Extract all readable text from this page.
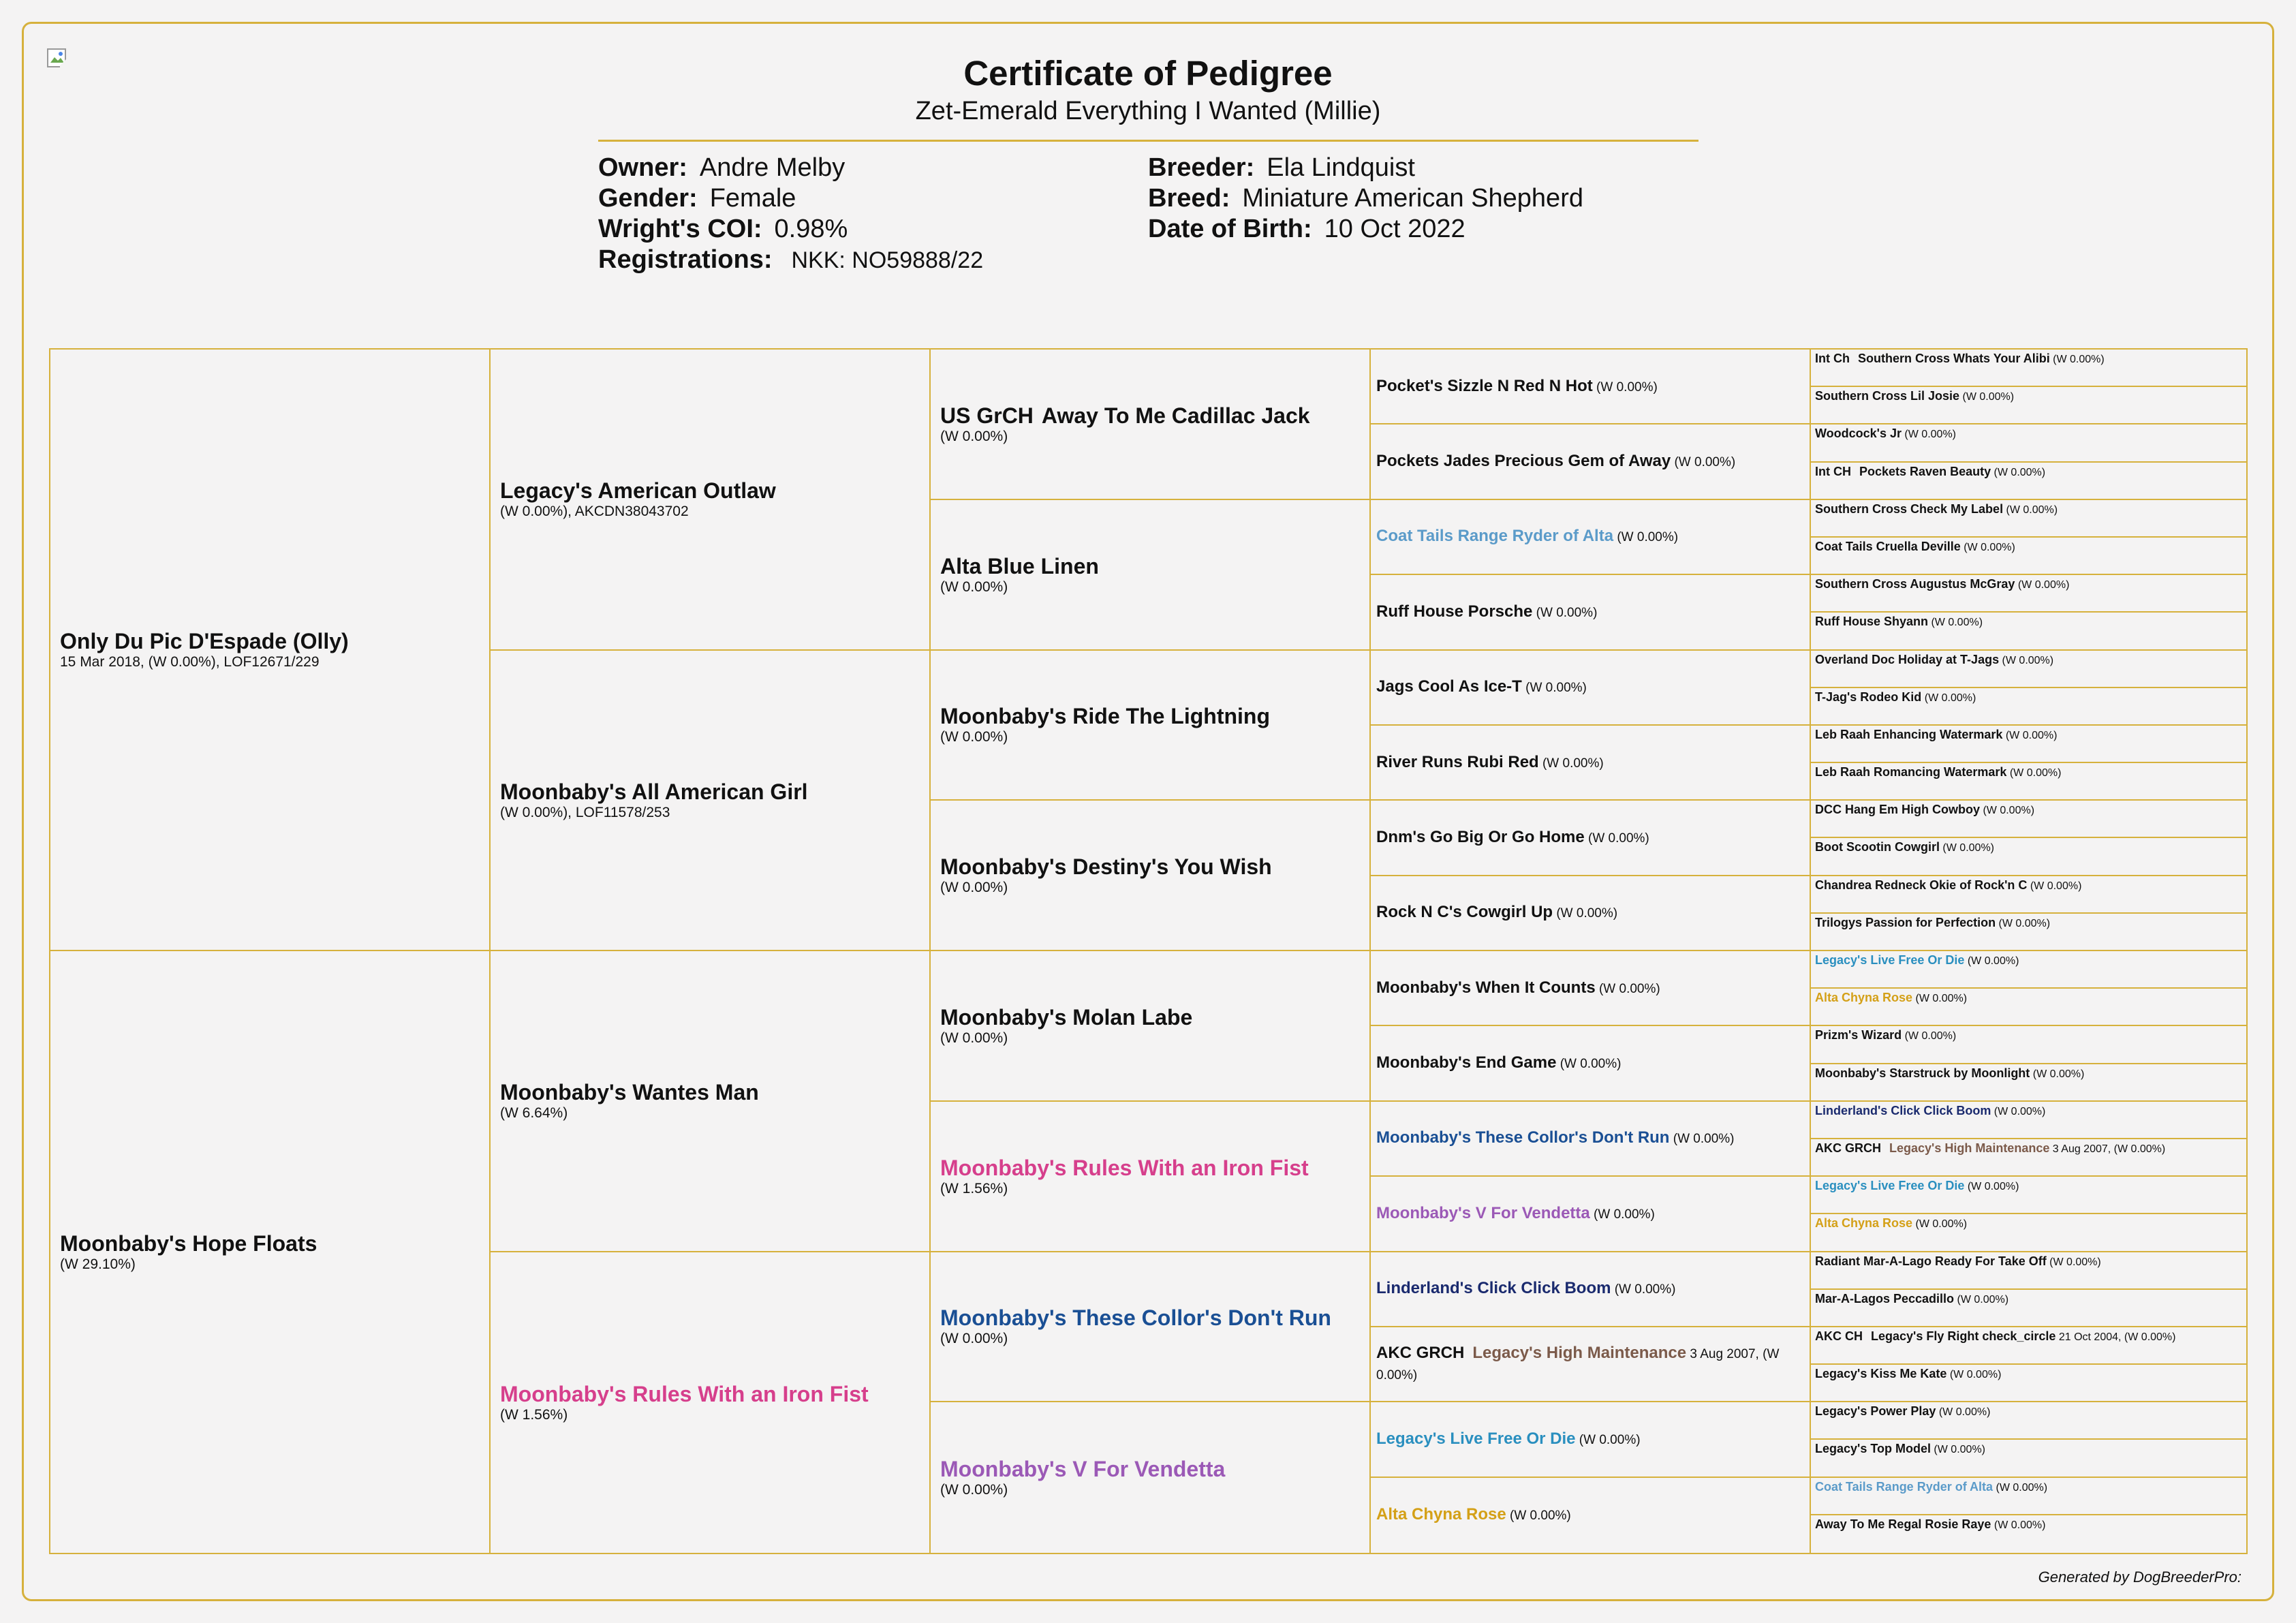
Certificate of Pedigree
Zet-Emerald Everything I Wanted (Millie)
Owner: Andre Melby
Gender: Female
Wright's COI: 0.98%
Registrations: NKK: NO59888/22
Breeder: Ela Lindquist
Breed: Miniature American Shepherd
Date of Birth: 10 Oct 2022
Only Du Pic D'Espade (Olly)
15 Mar 2018, (W 0.00%), LOF12671/229
Moonbaby's Hope Floats
(W 29.10%)
Legacy's American Outlaw
(W 0.00%), AKCDN38043702
Moonbaby's All American Girl
(W 0.00%), LOF11578/253
Moonbaby's Wantes Man
(W 6.64%)
Moonbaby's Rules With an Iron Fist
(W 1.56%)
US GrCH Away To Me Cadillac Jack
(W 0.00%)
Alta Blue Linen
(W 0.00%)
Moonbaby's Ride The Lightning
(W 0.00%)
Moonbaby's Destiny's You Wish
(W 0.00%)
Moonbaby's Molan Labe
(W 0.00%)
Moonbaby's Rules With an Iron Fist
(W 1.56%)
Moonbaby's These Collor's Don't Run
(W 0.00%)
Moonbaby's V For Vendetta
(W 0.00%)
Pocket's Sizzle N Red N Hot (W 0.00%)
Pockets Jades Precious Gem of Away (W 0.00%)
Coat Tails Range Ryder of Alta (W 0.00%)
Ruff House Porsche (W 0.00%)
Jags Cool As Ice-T (W 0.00%)
River Runs Rubi Red (W 0.00%)
Dnm's Go Big Or Go Home (W 0.00%)
Rock N C's Cowgirl Up (W 0.00%)
Moonbaby's When It Counts (W 0.00%)
Moonbaby's End Game (W 0.00%)
Moonbaby's These Collor's Don't Run (W 0.00%)
Moonbaby's V For Vendetta (W 0.00%)
Linderland's Click Click Boom (W 0.00%)
AKC GRCH Legacy's High Maintenance 3 Aug 2007, (W 0.00%)
Legacy's Live Free Or Die (W 0.00%)
Alta Chyna Rose (W 0.00%)
Int Ch Southern Cross Whats Your Alibi (W 0.00%)
Southern Cross Lil Josie (W 0.00%)
Woodcock's Jr (W 0.00%)
Int CH Pockets Raven Beauty (W 0.00%)
Southern Cross Check My Label (W 0.00%)
Coat Tails Cruella Deville (W 0.00%)
Southern Cross Augustus McGray (W 0.00%)
Ruff House Shyann (W 0.00%)
Overland Doc Holiday at T-Jags (W 0.00%)
T-Jag's Rodeo Kid (W 0.00%)
Leb Raah Enhancing Watermark (W 0.00%)
Leb Raah Romancing Watermark (W 0.00%)
DCC Hang Em High Cowboy (W 0.00%)
Boot Scootin Cowgirl (W 0.00%)
Chandrea Redneck Okie of Rock'n C (W 0.00%)
Trilogys Passion for Perfection (W 0.00%)
Legacy's Live Free Or Die (W 0.00%)
Alta Chyna Rose (W 0.00%)
Prizm's Wizard (W 0.00%)
Moonbaby's Starstruck by Moonlight (W 0.00%)
Linderland's Click Click Boom (W 0.00%)
AKC GRCH Legacy's High Maintenance 3 Aug 2007, (W 0.00%)
Legacy's Live Free Or Die (W 0.00%)
Alta Chyna Rose (W 0.00%)
Radiant Mar-A-Lago Ready For Take Off (W 0.00%)
Mar-A-Lagos Peccadillo (W 0.00%)
AKC CH Legacy's Fly Right check_circle 21 Oct 2004, (W 0.00%)
Legacy's Kiss Me Kate (W 0.00%)
Legacy's Power Play (W 0.00%)
Legacy's Top Model (W 0.00%)
Coat Tails Range Ryder of Alta (W 0.00%)
Away To Me Regal Rosie Raye (W 0.00%)
Generated by DogBreederPro:
